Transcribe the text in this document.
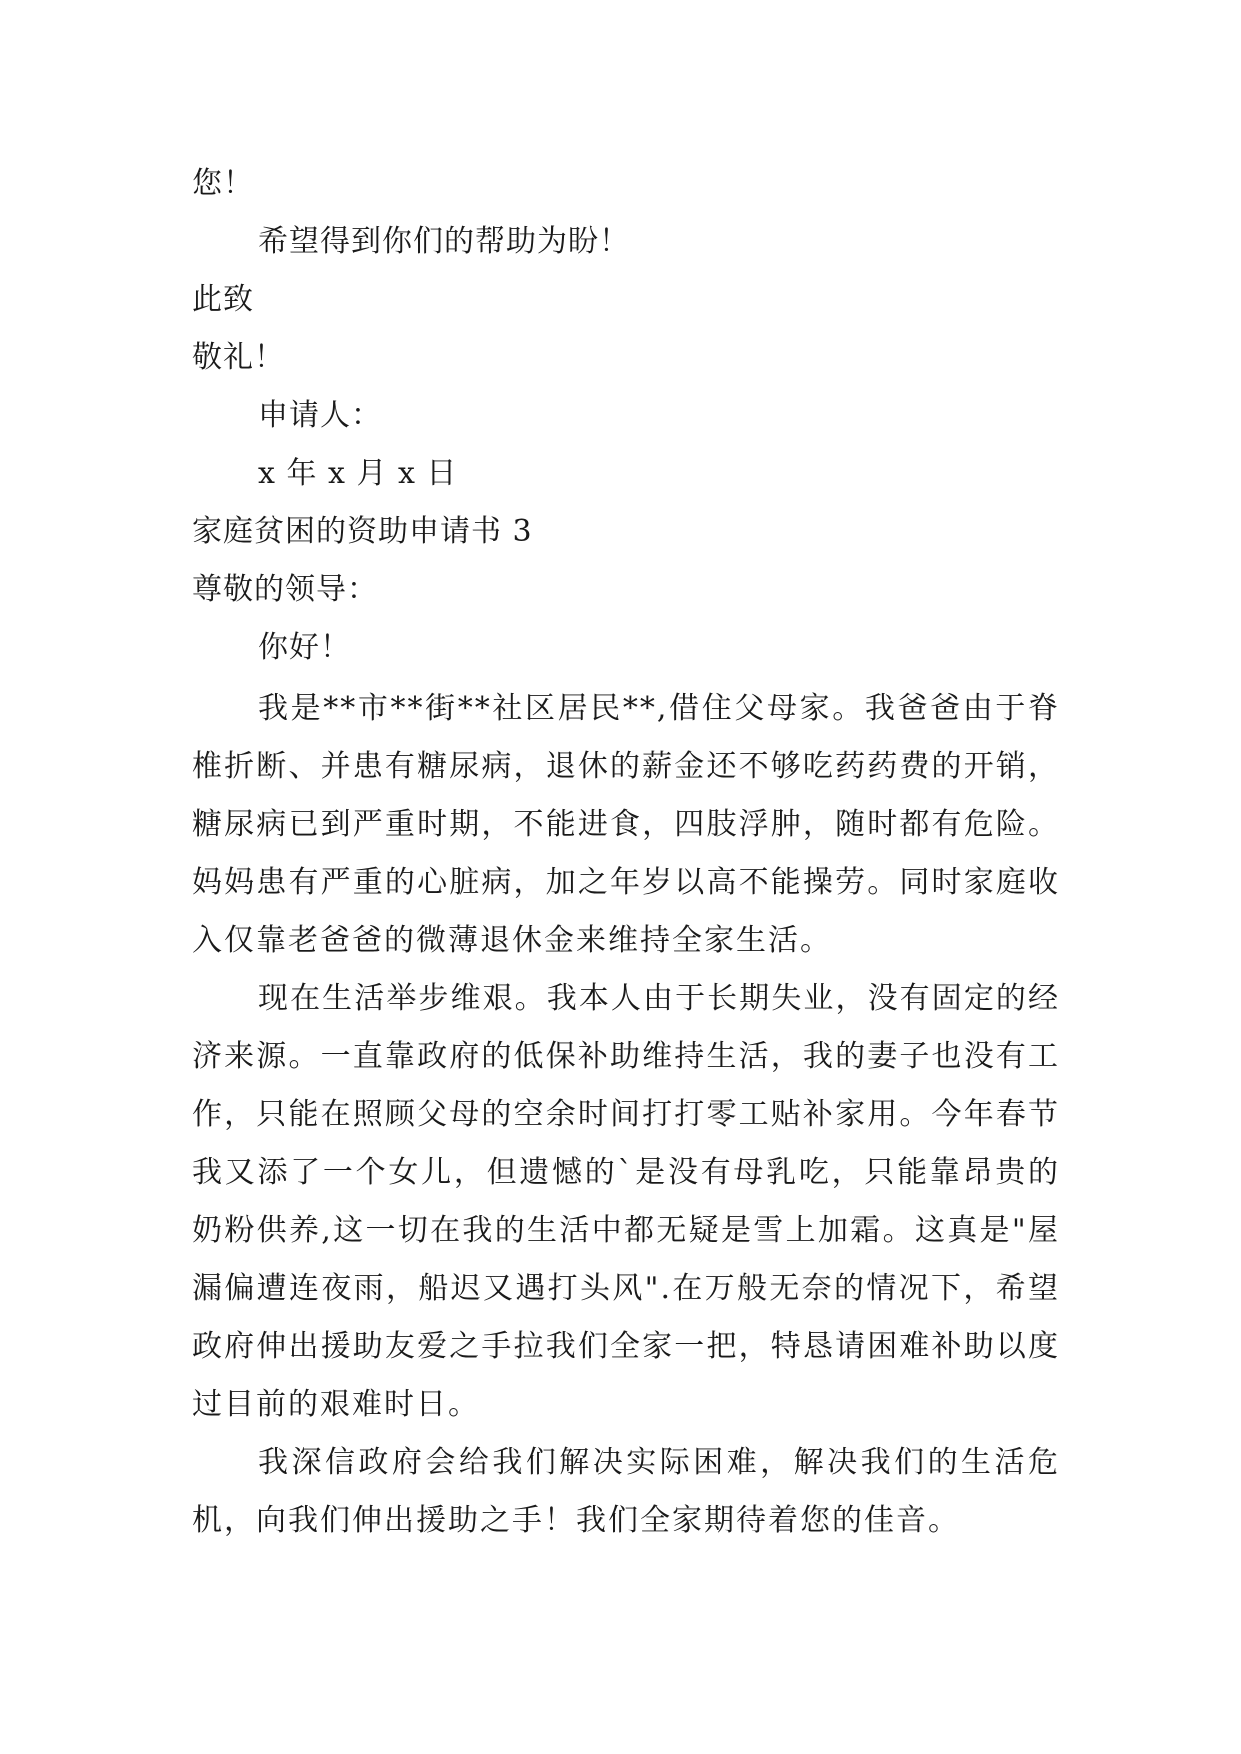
您！
希望得到你们的帮助为盼！
此致
敬礼！
申请人：
x 年 x 月 x 日
家庭贫困的资助申请书 3
尊敬的领导：
你好！

我是**市**街**社区居民**,借住父母家。我爸爸由于脊椎折断、并患有糖尿病，退休的薪金还不够吃药药费的开销，糖尿病已到严重时期，不能进食，四肢浮肿，随时都有危险。妈妈患有严重的心脏病，加之年岁以高不能操劳。同时家庭收入仅靠老爸爸的微薄退休金来维持全家生活。

现在生活举步维艰。我本人由于长期失业，没有固定的经济来源。一直靠政府的低保补助维持生活，我的妻子也没有工作，只能在照顾父母的空余时间打打零工贴补家用。今年春节我又添了一个女儿，但遗憾的`是没有母乳吃，只能靠昂贵的奶粉供养,这一切在我的生活中都无疑是雪上加霜。这真是"屋漏偏遭连夜雨，船迟又遇打头风".在万般无奈的情况下，希望政府伸出援助友爱之手拉我们全家一把，特恳请困难补助以度过目前的艰难时日。

我深信政府会给我们解决实际困难，解决我们的生活危机，向我们伸出援助之手！我们全家期待着您的佳音。
